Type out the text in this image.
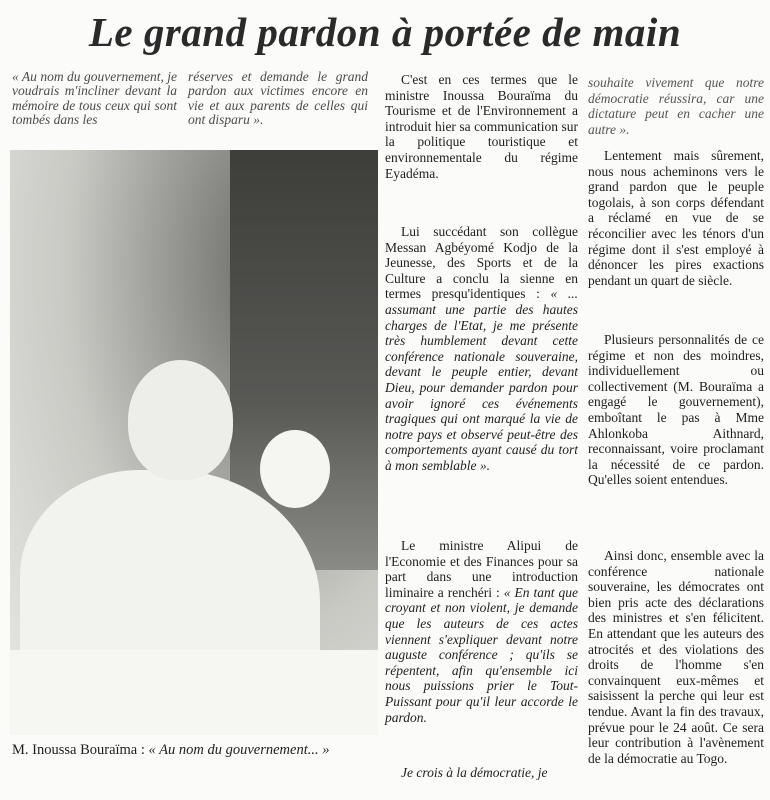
Le grand pardon à portée de main

« Au nom du gouvernement, je voudrais m'incliner devant la mémoire de tous ceux qui sont tombés dans les

réserves et demande le grand pardon aux victimes encore en vie et aux parents de celles qui ont disparu ».

M. Inoussa Bouraïma : « Au nom du gouvernement... »

C'est en ces termes que le ministre Inoussa Bouraïma du Tourisme et de l'Environnement a introduit hier sa communication sur la politique touristique et environnementale du régime Eyadéma.

Lui succédant son collègue Messan Agbéyomé Kodjo de la Jeunesse, des Sports et de la Culture a conclu la sienne en termes presqu'identiques : « ... assumant une partie des hautes charges de l'Etat, je me présente très humblement devant cette conférence nationale souveraine, devant le peuple entier, devant Dieu, pour demander pardon pour avoir ignoré ces événements tragiques qui ont marqué la vie de notre pays et observé peut-être des comportements ayant causé du tort à mon semblable ».

Le ministre Alipui de l'Economie et des Finances pour sa part dans une introduction liminaire a renchéri : « En tant que croyant et non violent, je demande que les auteurs de ces actes viennent s'expliquer devant notre auguste conférence ; qu'ils se répentent, afin qu'ensemble ici nous puissions prier le Tout-Puissant pour qu'il leur accorde le pardon.

Je crois à la démocratie, je

souhaite vivement que notre démocratie réussira, car une dictature peut en cacher une autre ».

Lentement mais sûrement, nous nous acheminons vers le grand pardon que le peuple togolais, à son corps défendant a réclamé en vue de se réconcilier avec les ténors d'un régime dont il s'est employé à dénoncer les pires exactions pendant un quart de siècle.

Plusieurs personnalités de ce régime et non des moindres, individuellement ou collectivement (M. Bouraïma a engagé le gouvernement), emboîtant le pas à Mme Ahlonkoba Aithnard, reconnaissant, voire proclamant la nécessité de ce pardon. Qu'elles soient entendues.

Ainsi donc, ensemble avec la conférence nationale souveraine, les démocrates ont bien pris acte des déclarations des ministres et s'en félicitent. En attendant que les auteurs des atrocités et des violations des droits de l'homme s'en convainquent eux-mêmes et saisissent la perche qui leur est tendue. Avant la fin des travaux, prévue pour le 24 août. Ce sera leur contribution à l'avènement de la démocratie au Togo.
